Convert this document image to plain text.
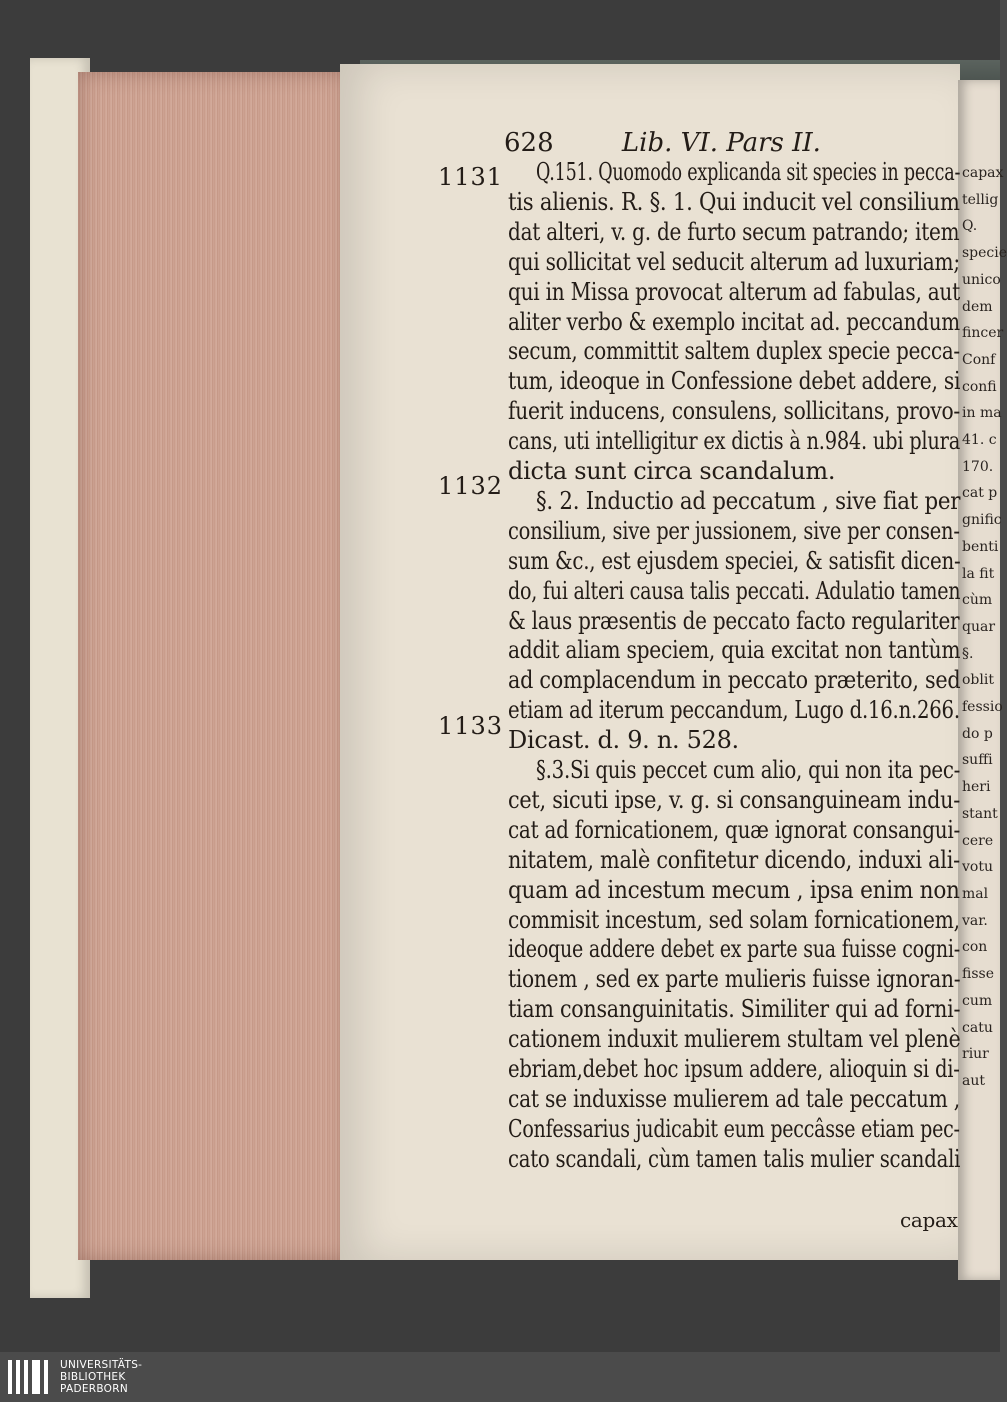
capax
tellig
Q.
specie
unico
dem
fincer
Conf
confi
in ma
41. c
170.
cat p
gnific
benti
la fit
cùm
quar
§.
oblit
fessio
do p
suffi
heri
stant
cere
votu
mal
var.
con
fisse
cum
catu
riur
aut
628	Lib. VI. Pars II.
1131
1132
1133
Q.151. Quomodo explicanda sit species in pecca-
tis alienis. R. §. 1. Qui inducit vel consilium
dat alteri, v. g. de furto secum patrando; item
qui sollicitat vel seducit alterum ad luxuriam;
qui in Missa provocat alterum ad fabulas, aut
aliter verbo & exemplo incitat ad. peccandum
secum, committit saltem duplex specie pecca-
tum, ideoque in Confessione debet addere, si
fuerit inducens, consulens, sollicitans, provo-
cans, uti intelligitur ex dictis à n.984. ubi plura
dicta sunt circa scandalum.
§. 2. Inductio ad peccatum , sive fiat per
consilium, sive per jussionem, sive per consen-
sum &c., est ejusdem speciei, & satisfit dicen-
do, fui alteri causa talis peccati. Adulatio tamen
& laus præsentis de peccato facto regulariter
addit aliam speciem, quia excitat non tantùm
ad complacendum in peccato præterito, sed
etiam ad iterum peccandum, Lugo d.16.n.266.
Dicast. d. 9. n. 528.
§.3.Si quis peccet cum alio, qui non ita pec-
cet, sicuti ipse, v. g. si consanguineam indu-
cat ad fornicationem, quæ ignorat consangui-
nitatem, malè confitetur dicendo, induxi ali-
quam ad incestum mecum , ipsa enim non
commisit incestum, sed solam fornicationem,
ideoque addere debet ex parte sua fuisse cogni-
tionem , sed ex parte mulieris fuisse ignoran-
tiam consanguinitatis. Similiter qui ad forni-
cationem induxit mulierem stultam vel plenè
ebriam,debet hoc ipsum addere, alioquin si di-
cat se induxisse mulierem ad tale peccatum ,
Confessarius judicabit eum peccâsse etiam pec-
cato scandali, cùm tamen talis mulier scandali
capax
UNIVERSITÄTS-
BIBLIOTHEK
PADERBORN
